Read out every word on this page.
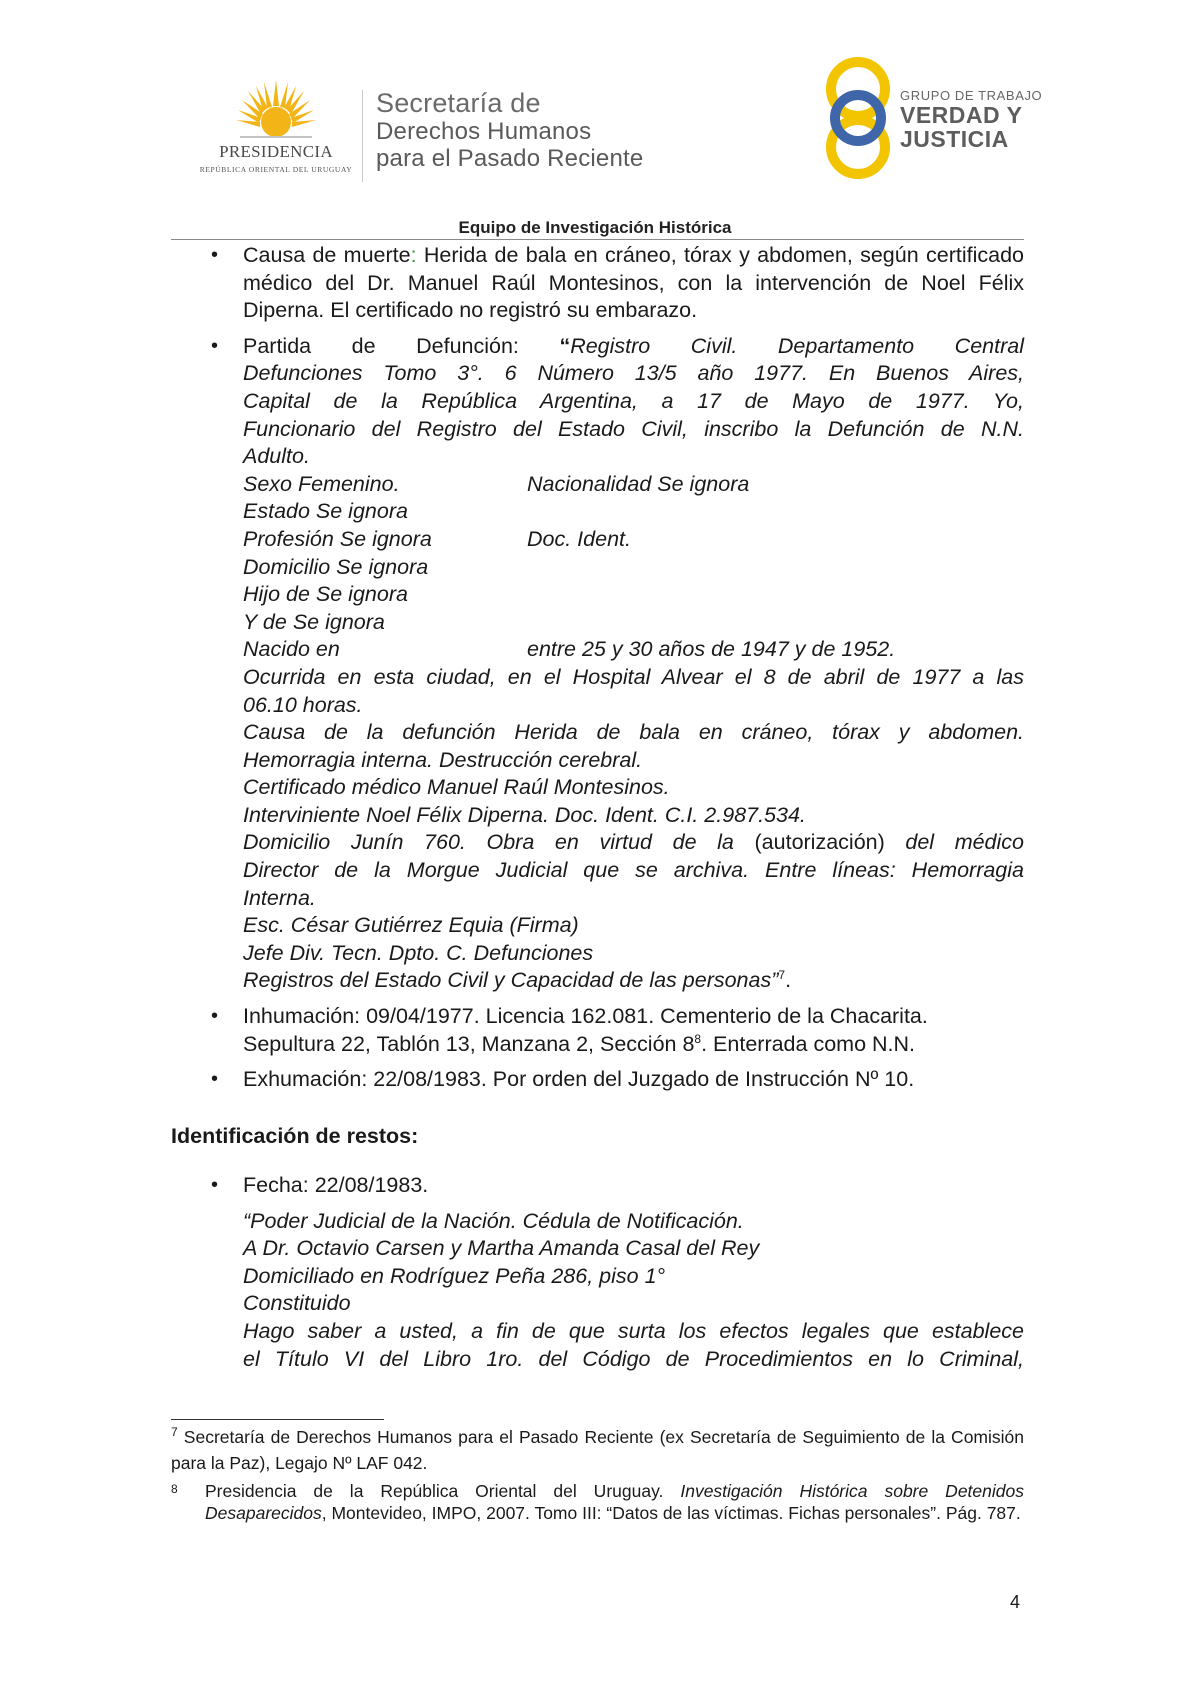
PRESIDENCIA
REPÚBLICA ORIENTAL DEL URUGUAY
Secretaría de
Derechos Humanos
para el Pasado Reciente
GRUPO DE TRABAJO
VERDAD Y
JUSTICIA
Equipo de Investigación Histórica
• Causa de muerte: Herida de bala en cráneo, tórax y abdomen, según certificado médico del Dr. Manuel Raúl Montesinos, con la intervención de Noel Félix Diperna. El certificado no registró su embarazo.
• Partida de Defunción: “Registro Civil. Departamento Central
Defunciones Tomo 3°. 6 Número 13/5 año 1977. En Buenos Aires,
Capital de la República Argentina, a 17 de Mayo de 1977. Yo,
Funcionario del Registro del Estado Civil, inscribo la Defunción de N.N.
Adulto.
Sexo Femenino.	Nacionalidad Se ignora
Estado Se ignora
Profesión Se ignora	Doc. Ident.
Domicilio Se ignora
Hijo de Se ignora
Y de Se ignora
Nacido en	entre 25 y 30 años de 1947 y de 1952.
Ocurrida en esta ciudad, en el Hospital Alvear el 8 de abril de 1977 a las
06.10 horas.
Causa de la defunción Herida de bala en cráneo, tórax y abdomen.
Hemorragia interna. Destrucción cerebral.
Certificado médico Manuel Raúl Montesinos.
Interviniente Noel Félix Diperna. Doc. Ident. C.I. 2.987.534.
Domicilio Junín 760. Obra en virtud de la (autorización) del médico
Director de la Morgue Judicial que se archiva. Entre líneas: Hemorragia
Interna.
Esc. César Gutiérrez Equia (Firma)
Jefe Div. Tecn. Dpto. C. Defunciones
Registros del Estado Civil y Capacidad de las personas”$^7$.
• Inhumación: 09/04/1977. Licencia 162.081. Cementerio de la Chacarita.
Sepultura 22, Tablón 13, Manzana 2, Sección $8^8$. Enterrada como N.N.
• Exhumación: 22/08/1983. Por orden del Juzgado de Instrucción Nº 10.
Identificación de restos:
• Fecha: 22/08/1983.
“Poder Judicial de la Nación. Cédula de Notificación.
A Dr. Octavio Carsen y Martha Amanda Casal del Rey
Domiciliado en Rodríguez Peña 286, piso 1°
Constituido
Hago saber a usted, a fin de que surta los efectos legales que establece
el Título VI del Libro 1ro. del Código de Procedimientos en lo Criminal,
$^7$ Secretaría de Derechos Humanos para el Pasado Reciente (ex Secretaría de Seguimiento de la Comisión para la Paz), Legajo Nº LAF 042.
8 Presidencia de la República Oriental del Uruguay. Investigación Histórica sobre Detenidos Desaparecidos, Montevideo, IMPO, 2007. Tomo III: “Datos de las víctimas. Fichas personales”. Pág. 787.
4
